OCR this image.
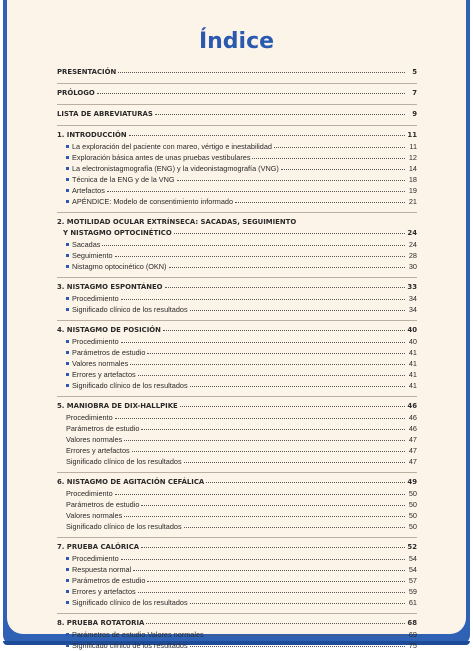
Índice
PRESENTACIÓN	5
PRÓLOGO	7
LISTA DE ABREVIATURAS	9
1. INTRODUCCIÓN	11
La exploración del paciente con mareo, vértigo e inestabilidad	11
Exploración básica antes de unas pruebas vestibulares	12
La electronistagmografía (ENG) y la videonistagmografía (VNG)	14
Técnica de la ENG y de la VNG	18
Artefactos	19
APÉNDICE: Modelo de consentimiento informado	21
2. MOTILIDAD OCULAR EXTRÍNSECA: SACADAS, SEGUIMIENTO
Y NISTAGMO OPTOCINÉTICO	24
Sacadas	24
Seguimiento	28
Nistagmo optocinético (OKN)	30
3. NISTAGMO ESPONTÁNEO	33
Procedimiento	34
Significado clínico de los resultados	34
4. NISTAGMO DE POSICIÓN	40
Procedimiento	40
Parámetros de estudio	41
Valores normales	41
Errores y artefactos	41
Significado clínico de los resultados	41
5. MANIOBRA DE DIX-HALLPIKE	46
Procedimiento	46
Parámetros de estudio	46
Valores normales	47
Errores y artefactos	47
Significado clínico de los resultados	47
6. NISTAGMO DE AGITACIÓN CEFÁLICA	49
Procedimiento	50
Parámetros de estudio	50
Valores normales	50
Significado clínico de los resultados	50
7. PRUEBA CALÓRICA	52
Procedimiento	54
Respuesta normal	54
Parámetros de estudio	57
Errores y artefactos	59
Significado clínico de los resultados	61
8. PRUEBA ROTATORIA	68
Parámetros de estudio.Valores normales	69
Significado clínico de los resultados	75
